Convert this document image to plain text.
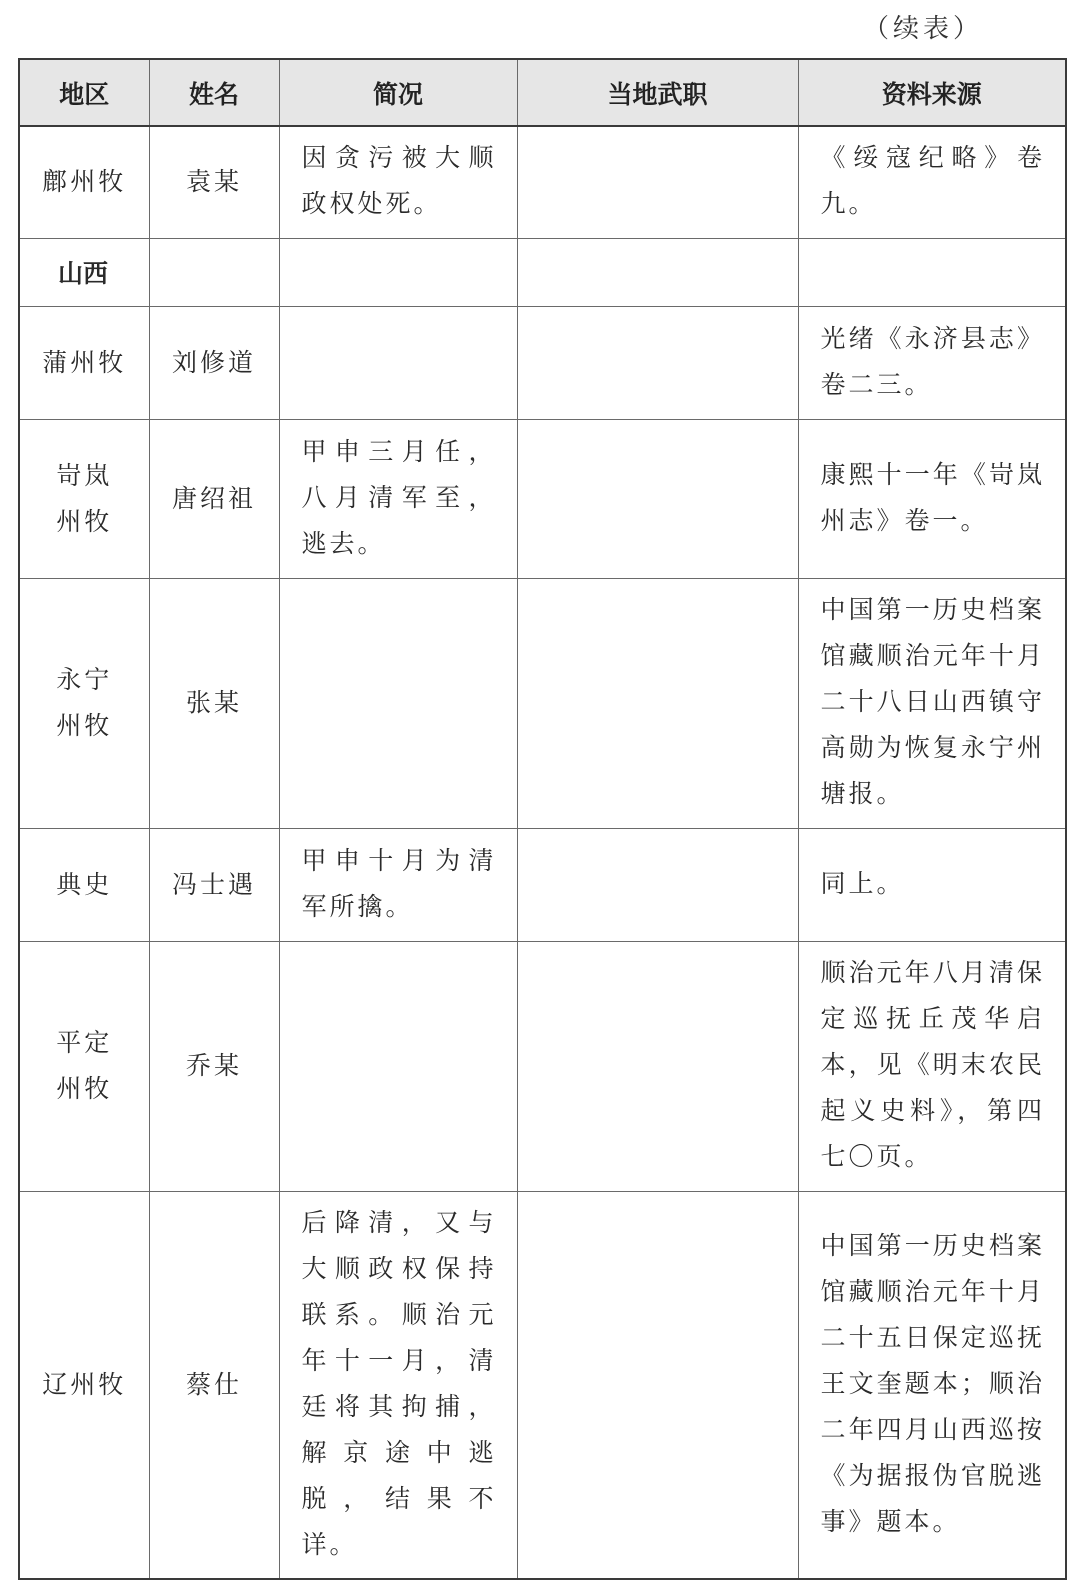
（续表）
地区	姓名	简况	当地武职	资料来源
鄜州牧	袁某	因贪污被大顺政权处死。		《绥寇纪略》卷九。

山西				
蒲州牧	刘修道			光绪《永济县志》卷二三。

岢岚州牧	唐绍祖	甲申三月任，八月清军至，逃去。		康熙十一年《岢岚州志》卷一。

永宁州牧	张某			中国第一历史档案馆藏顺治元年十月二十八日山西镇守高勋为恢复永宁州塘报。

典史	冯士遇	甲申十月为清军所擒。		同上。

平定州牧	乔某			顺治元年八月清保定巡抚丘茂华启本，见《明末农民起义史料》，第四七〇页。

辽州牧	蔡仕	后降清，又与大顺政权保持联系。顺治元年十一月，清廷将其拘捕，解京途中逃脱，结果不详。		中国第一历史档案馆藏顺治元年十月二十五日保定巡抚王文奎题本；顺治二年四月山西巡按《为据报伪官脱逃事》题本。
